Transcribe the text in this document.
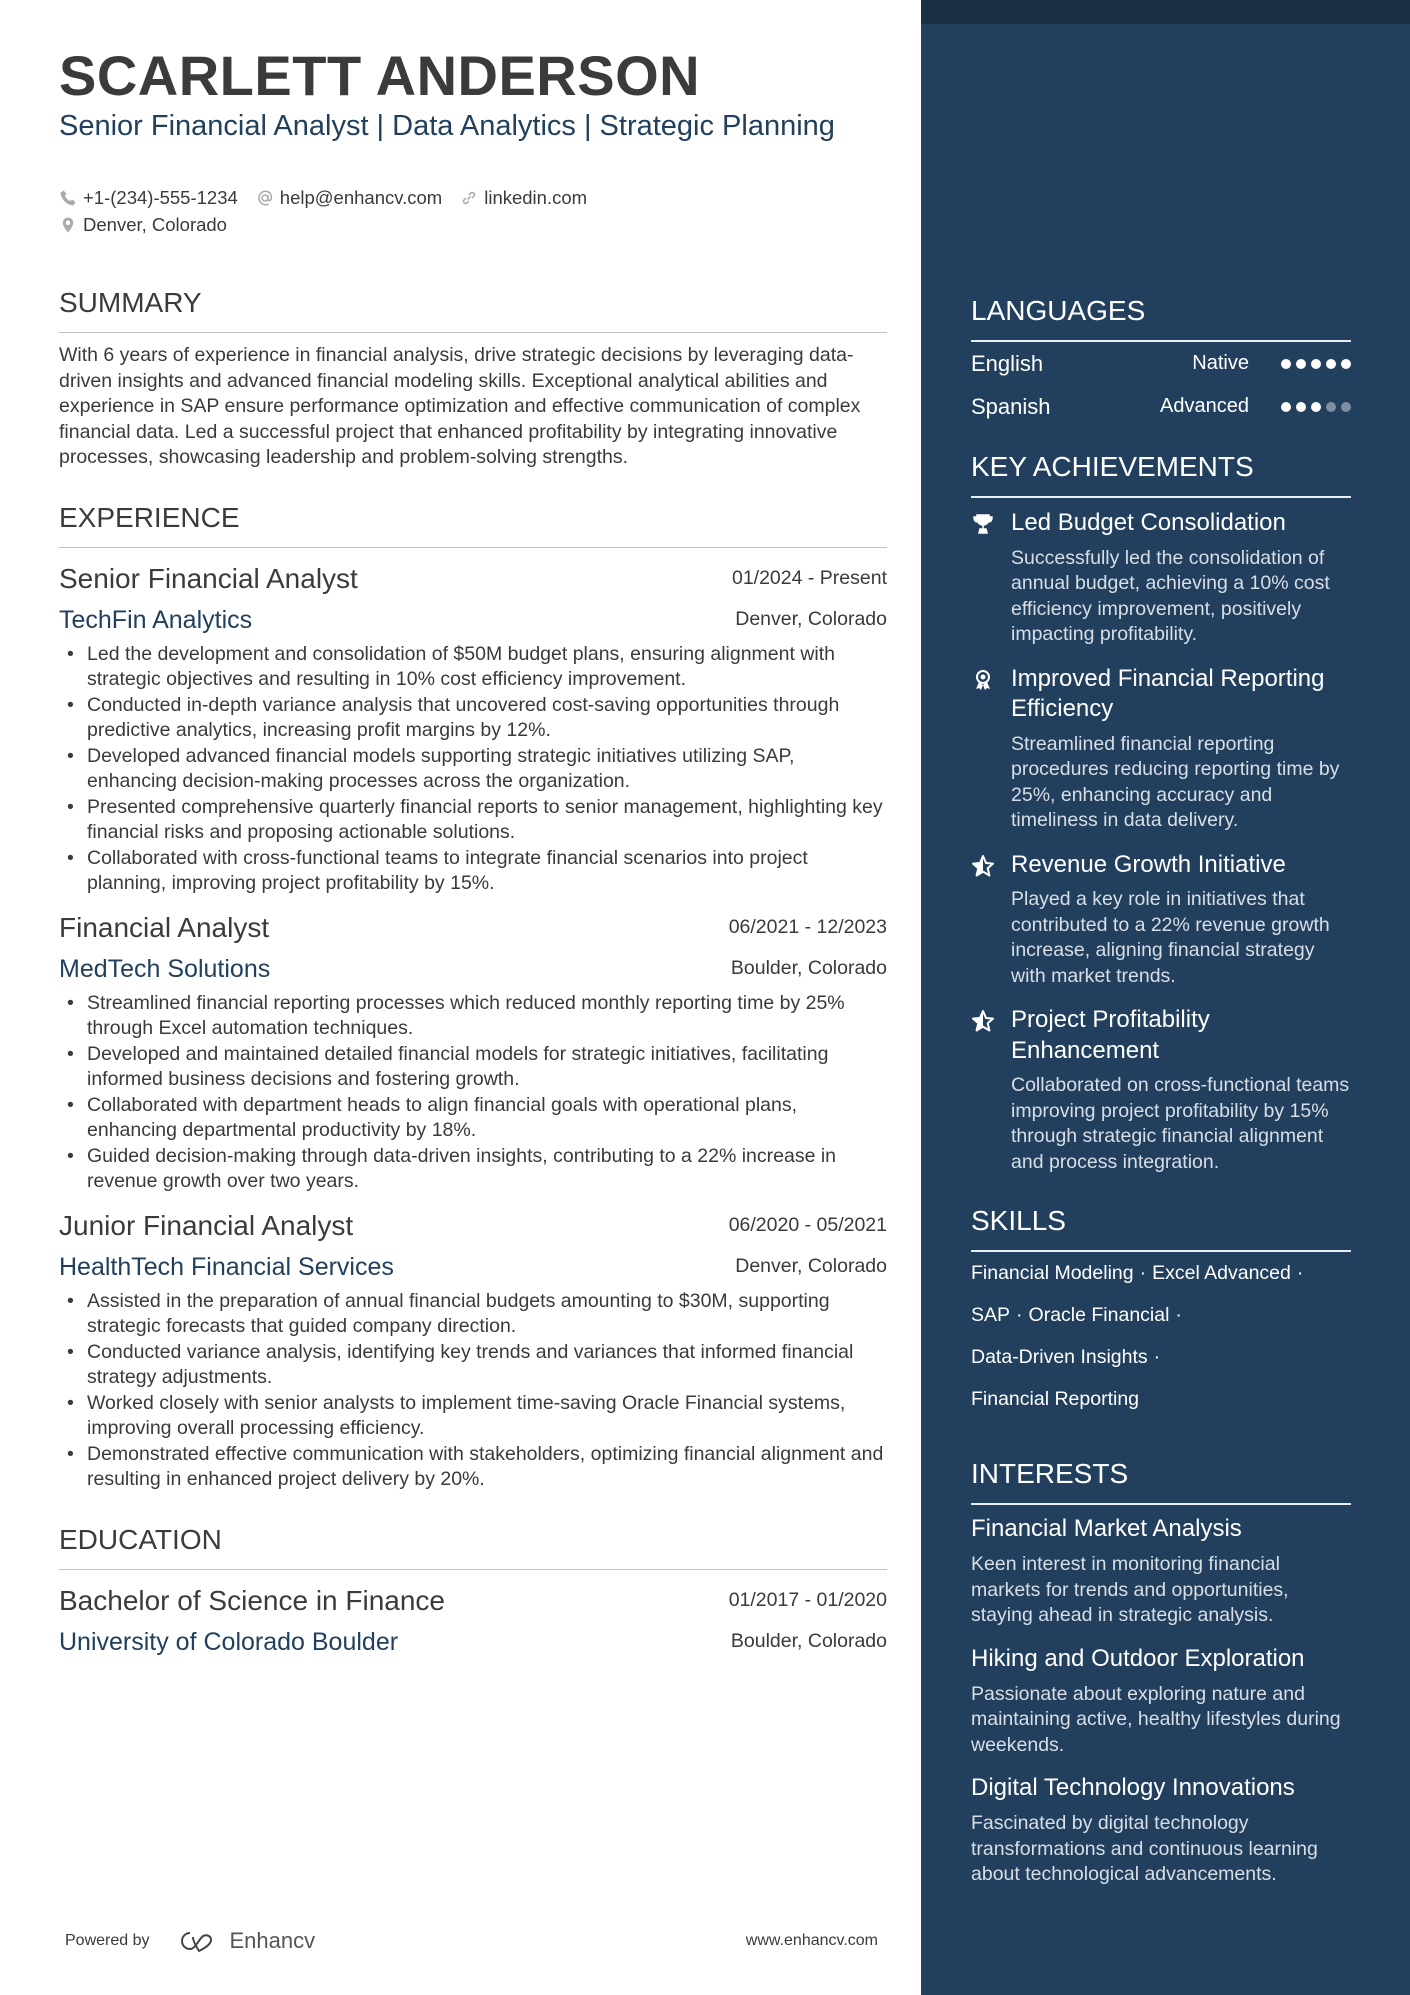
SCARLETT ANDERSON
Senior Financial Analyst | Data Analytics | Strategic Planning
+1-(234)-555-1234 help@enhancv.com linkedin.com
Denver, Colorado
SUMMARY
With 6 years of experience in financial analysis, drive strategic decisions by leveraging data-driven insights and advanced financial modeling skills. Exceptional analytical abilities and experience in SAP ensure performance optimization and effective communication of complex financial data. Led a successful project that enhanced profitability by integrating innovative processes, showcasing leadership and problem-solving strengths.
EXPERIENCE
Senior Financial Analyst	01/2024 - Present
TechFin Analytics	Denver, Colorado
• Led the development and consolidation of $50M budget plans, ensuring alignment with strategic objectives and resulting in 10% cost efficiency improvement.
• Conducted in-depth variance analysis that uncovered cost-saving opportunities through predictive analytics, increasing profit margins by 12%.
• Developed advanced financial models supporting strategic initiatives utilizing SAP, enhancing decision-making processes across the organization.
• Presented comprehensive quarterly financial reports to senior management, highlighting key financial risks and proposing actionable solutions.
• Collaborated with cross-functional teams to integrate financial scenarios into project planning, improving project profitability by 15%.
Financial Analyst	06/2021 - 12/2023
MedTech Solutions	Boulder, Colorado
• Streamlined financial reporting processes which reduced monthly reporting time by 25% through Excel automation techniques.
• Developed and maintained detailed financial models for strategic initiatives, facilitating informed business decisions and fostering growth.
• Collaborated with department heads to align financial goals with operational plans, enhancing departmental productivity by 18%.
• Guided decision-making through data-driven insights, contributing to a 22% increase in revenue growth over two years.
Junior Financial Analyst	06/2020 - 05/2021
HealthTech Financial Services	Denver, Colorado
• Assisted in the preparation of annual financial budgets amounting to $30M, supporting strategic forecasts that guided company direction.
• Conducted variance analysis, identifying key trends and variances that informed financial strategy adjustments.
• Worked closely with senior analysts to implement time-saving Oracle Financial systems, improving overall processing efficiency.
• Demonstrated effective communication with stakeholders, optimizing financial alignment and resulting in enhanced project delivery by 20%.
EDUCATION
Bachelor of Science in Finance	01/2017 - 01/2020
University of Colorado Boulder	Boulder, Colorado
Powered by	Enhancv	www.enhancv.com
LANGUAGES
English	Native
Spanish	Advanced
KEY ACHIEVEMENTS
Led Budget Consolidation
Successfully led the consolidation of annual budget, achieving a 10% cost efficiency improvement, positively impacting profitability.
Improved Financial Reporting Efficiency
Streamlined financial reporting procedures reducing reporting time by 25%, enhancing accuracy and timeliness in data delivery.
Revenue Growth Initiative
Played a key role in initiatives that contributed to a 22% revenue growth increase, aligning financial strategy with market trends.
Project Profitability Enhancement
Collaborated on cross-functional teams improving project profitability by 15% through strategic financial alignment and process integration.
SKILLS
Financial Modeling · Excel Advanced ·
SAP · Oracle Financial ·
Data-Driven Insights ·
Financial Reporting
INTERESTS
Financial Market Analysis
Keen interest in monitoring financial markets for trends and opportunities, staying ahead in strategic analysis.
Hiking and Outdoor Exploration
Passionate about exploring nature and maintaining active, healthy lifestyles during weekends.
Digital Technology Innovations
Fascinated by digital technology transformations and continuous learning about technological advancements.
